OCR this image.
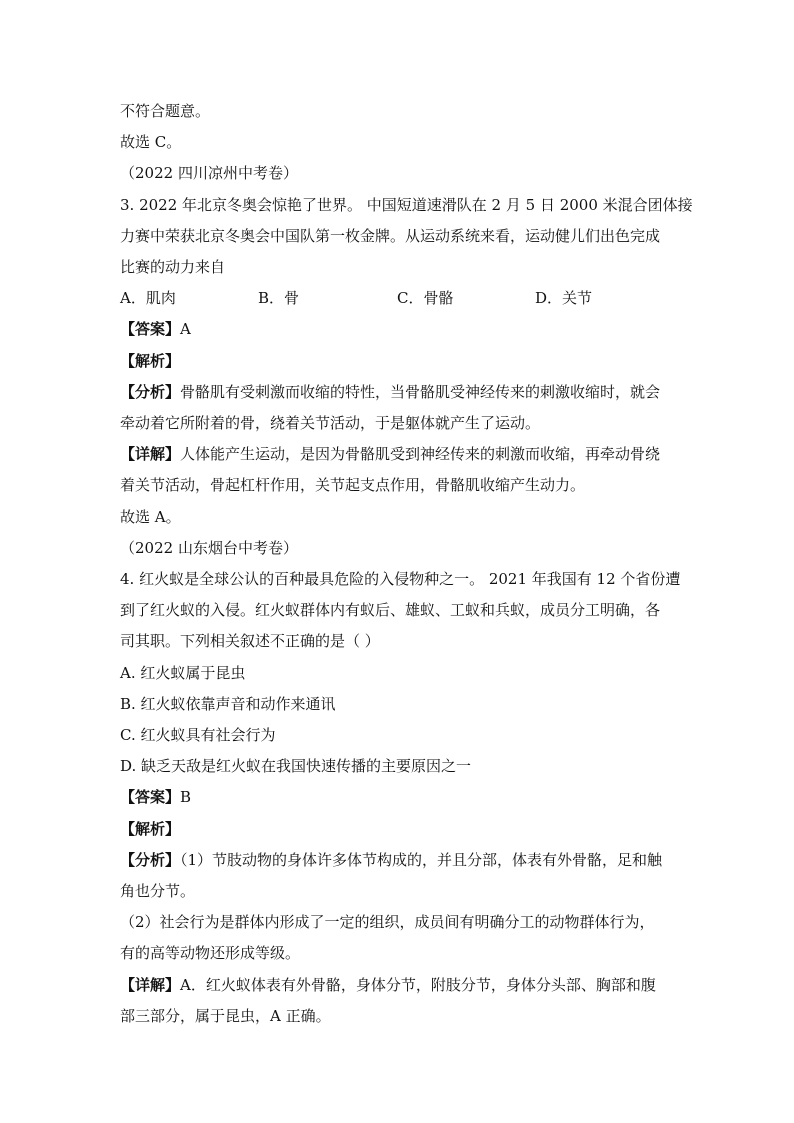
不符合题意。
故选 C。
（2022 四川凉州中考卷）
3. 2022 年北京冬奥会惊艳了世界。 中国短道速滑队在 2 月 5 日 2000 米混合团体接
力赛中荣获北京冬奥会中国队第一枚金牌。从运动系统来看，运动健儿们出色完成
比赛的动力来自
A．肌肉	B．骨	C．骨骼	D．关节
【答案】A
【解析】
【分析】骨骼肌有受刺激而收缩的特性，当骨骼肌受神经传来的刺激收缩时，就会
牵动着它所附着的骨，绕着关节活动，于是躯体就产生了运动。
【详解】人体能产生运动，是因为骨骼肌受到神经传来的刺激而收缩，再牵动骨绕
着关节活动，骨起杠杆作用，关节起支点作用，骨骼肌收缩产生动力。
故选 A。
（2022 山东烟台中考卷）
4. 红火蚁是全球公认的百种最具危险的入侵物种之一。 2021 年我国有 12 个省份遭
到了红火蚁的入侵。红火蚁群体内有蚁后、雄蚁、工蚁和兵蚁，成员分工明确，各
司其职。下列相关叙述不正确的是（ ）
A. 红火蚁属于昆虫
B. 红火蚁依靠声音和动作来通讯
C. 红火蚁具有社会行为
D. 缺乏天敌是红火蚁在我国快速传播的主要原因之一
【答案】B
【解析】
【分析】（1）节肢动物的身体许多体节构成的，并且分部，体表有外骨骼，足和触
角也分节。
（2）社会行为是群体内形成了一定的组织，成员间有明确分工的动物群体行为，
有的高等动物还形成等级。
【详解】A．红火蚁体表有外骨骼，身体分节，附肢分节，身体分头部、胸部和腹
部三部分，属于昆虫，A 正确。
